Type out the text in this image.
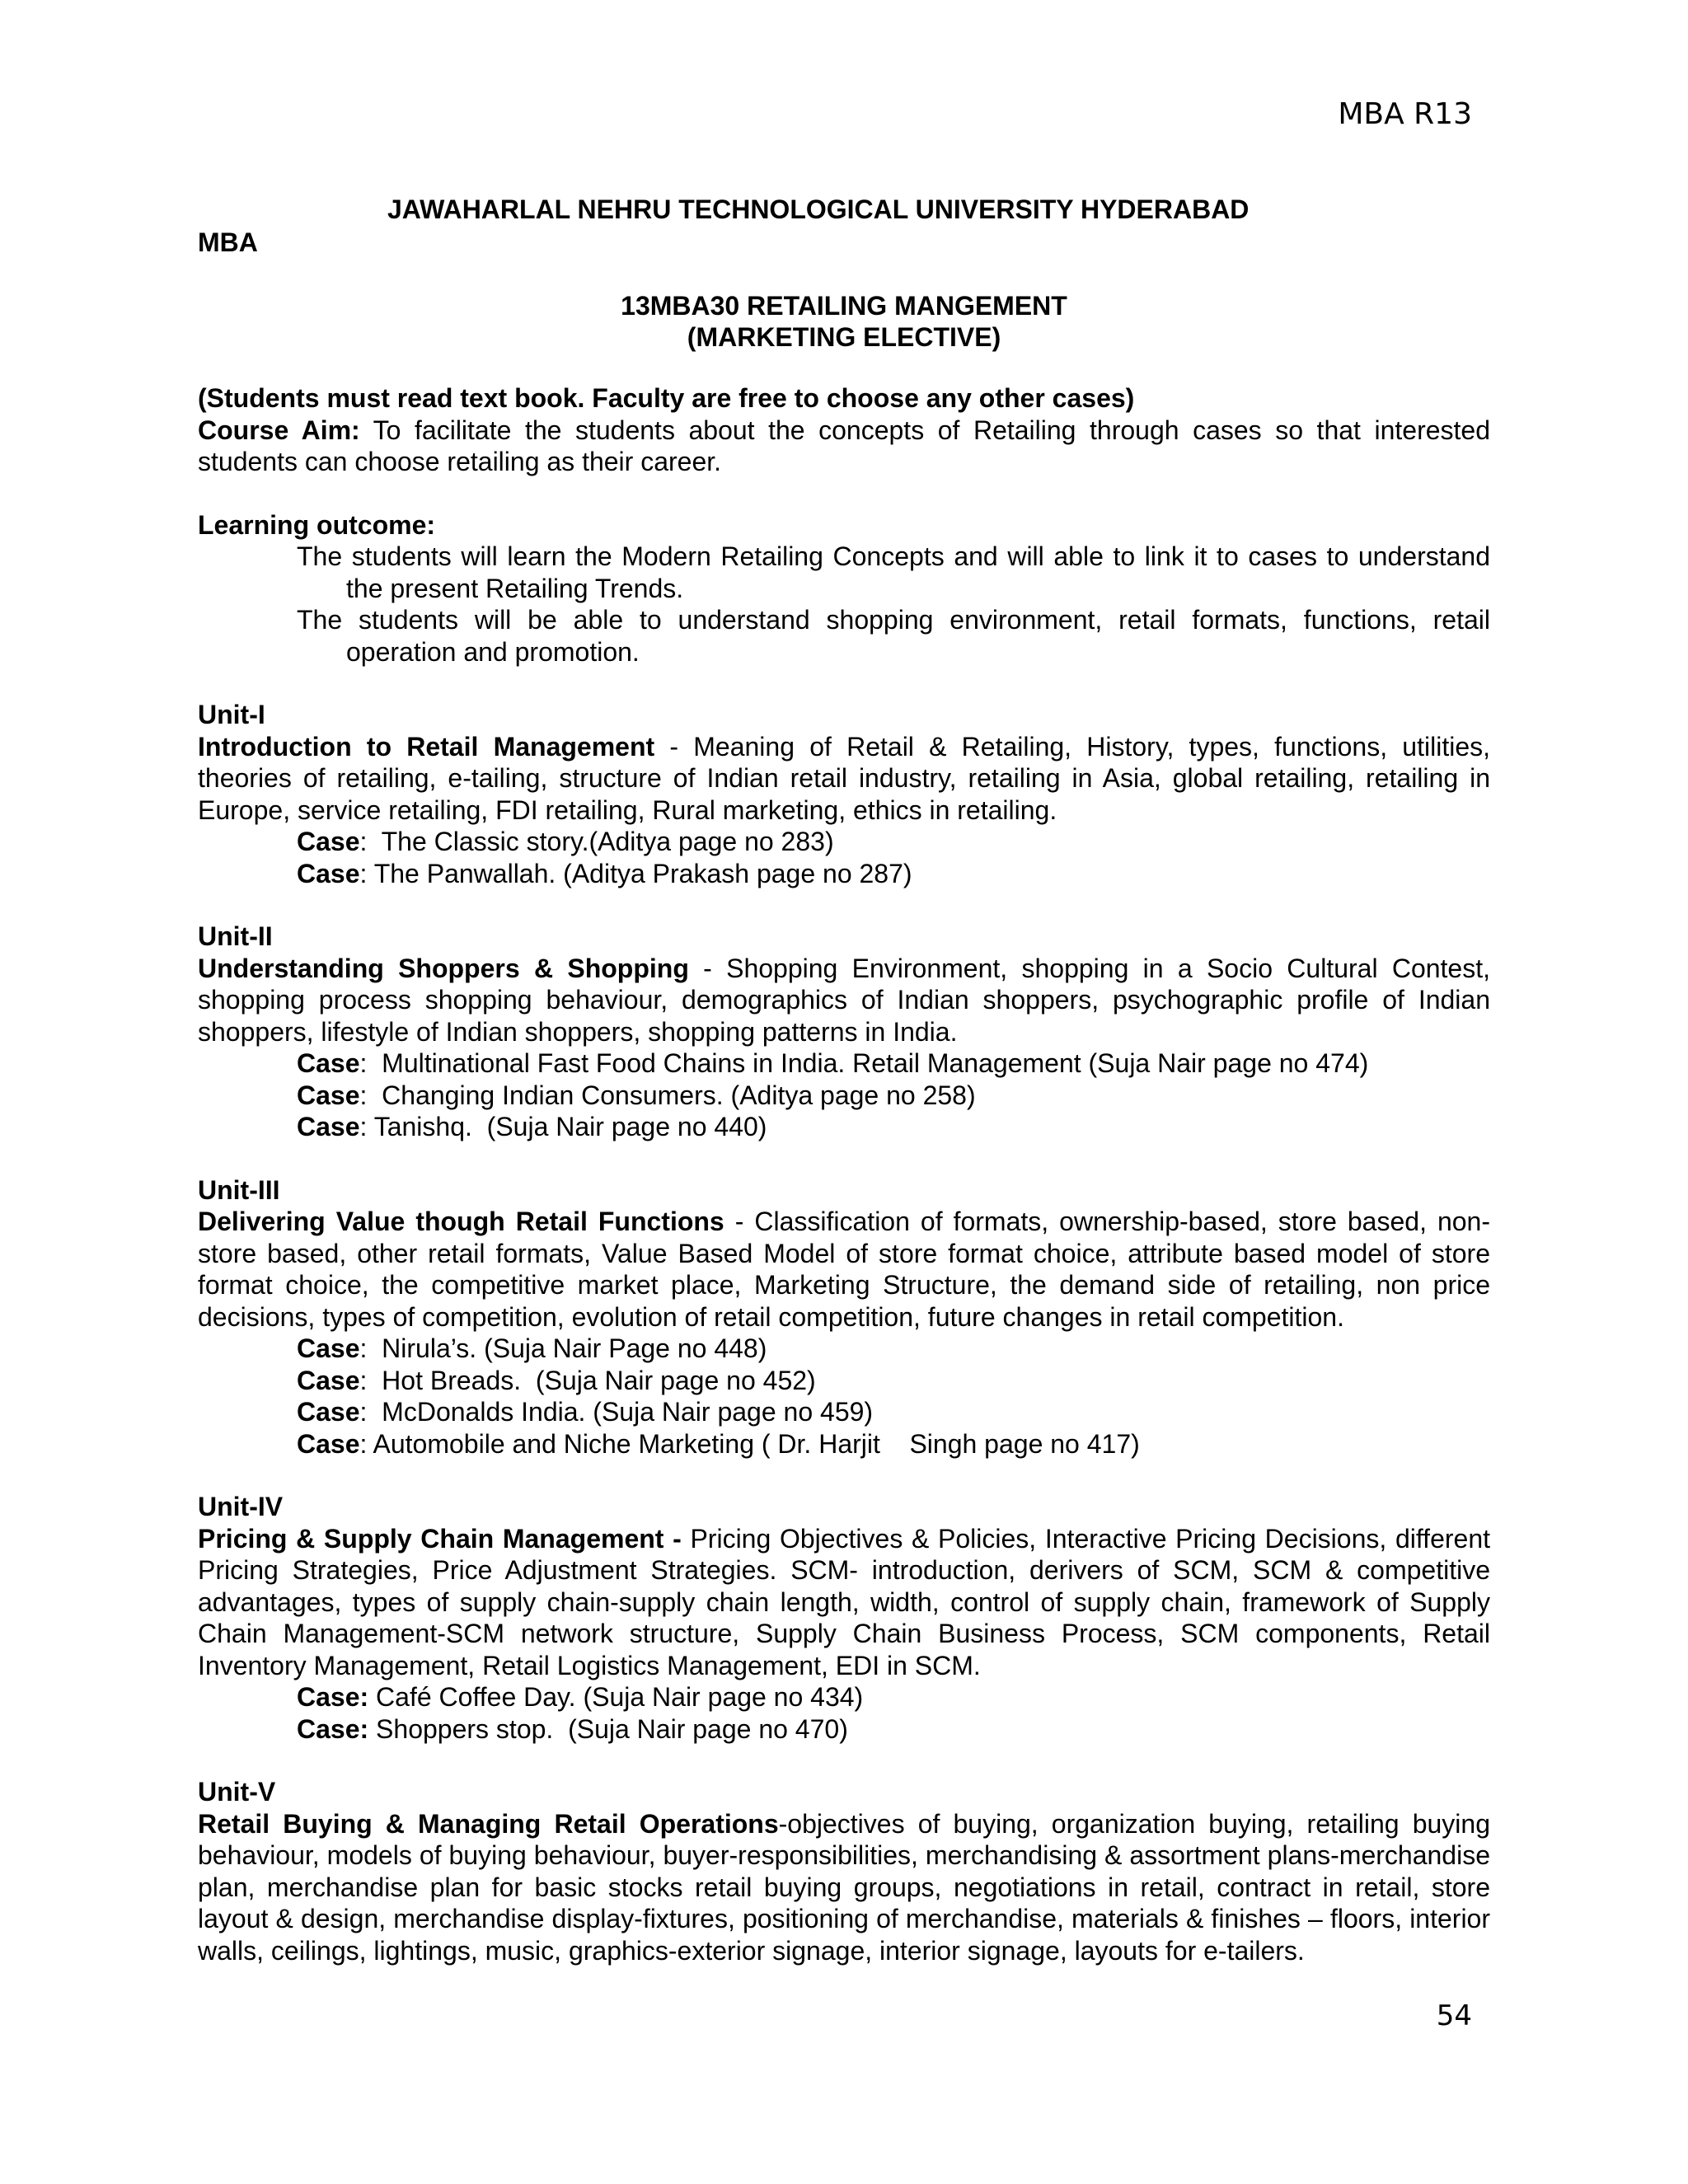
MBA R13
JAWAHARLAL NEHRU TECHNOLOGICAL UNIVERSITY HYDERABAD
MBA
13MBA30 RETAILING MANGEMENT
(MARKETING ELECTIVE)

(Students must read text book. Faculty are free to choose any other cases)

Course Aim: To facilitate the students about the concepts of Retailing through cases so that interested students can choose retailing as their career.

Learning outcome:

The students will learn the Modern Retailing Concepts and will able to link it to cases to understand the present Retailing Trends.

The students will be able to understand shopping environment, retail formats, functions, retail operation and promotion.

Unit-I

Introduction to Retail Management - Meaning of Retail & Retailing, History, types, functions, utilities, theories of retailing, e-tailing, structure of Indian retail industry, retailing in Asia, global retailing, retailing in Europe, service retailing, FDI retailing, Rural marketing, ethics in retailing.

Case:  The Classic story.(Aditya page no 283)

Case: The Panwallah. (Aditya Prakash page no 287)

Unit-II

Understanding Shoppers & Shopping - Shopping Environment, shopping in a Socio Cultural Contest, shopping process shopping behaviour, demographics of Indian shoppers, psychographic profile of Indian shoppers, lifestyle of Indian shoppers, shopping patterns in India.

Case:  Multinational Fast Food Chains in India. Retail Management (Suja Nair page no 474)

Case:  Changing Indian Consumers. (Aditya page no 258)

Case: Tanishq.  (Suja Nair page no 440)

Unit-III

Delivering Value though Retail Functions - Classification of formats, ownership-based, store based, non-store based, other retail formats, Value Based Model of store format choice, attribute based model of store format choice, the competitive market place, Marketing Structure, the demand side of retailing, non price decisions, types of competition, evolution of retail competition, future changes in retail competition.

Case:  Nirula’s. (Suja Nair Page no 448)

Case:  Hot Breads.  (Suja Nair page no 452)

Case:  McDonalds India. (Suja Nair page no 459)

Case: Automobile and Niche Marketing ( Dr. Harjit    Singh page no 417)

Unit-IV

Pricing & Supply Chain Management - Pricing Objectives & Policies, Interactive Pricing Decisions, different Pricing Strategies, Price Adjustment Strategies. SCM- introduction, derivers of SCM, SCM & competitive advantages, types of supply chain-supply chain length, width, control of supply chain, framework of Supply Chain Management-SCM network structure, Supply Chain Business Process, SCM components, Retail Inventory Management, Retail Logistics Management, EDI in SCM.

Case: Café Coffee Day. (Suja Nair page no 434)

Case: Shoppers stop.  (Suja Nair page no 470)

Unit-V

Retail Buying & Managing Retail Operations-objectives of buying, organization buying, retailing buying behaviour, models of buying behaviour, buyer-responsibilities, merchandising & assortment plans-merchandise plan, merchandise plan for basic stocks retail buying groups, negotiations in retail, contract in retail, store layout & design, merchandise display-fixtures, positioning of merchandise, materials & finishes – floors, interior walls, ceilings, lightings, music, graphics-exterior signage, interior signage, layouts for e-tailers.

54
